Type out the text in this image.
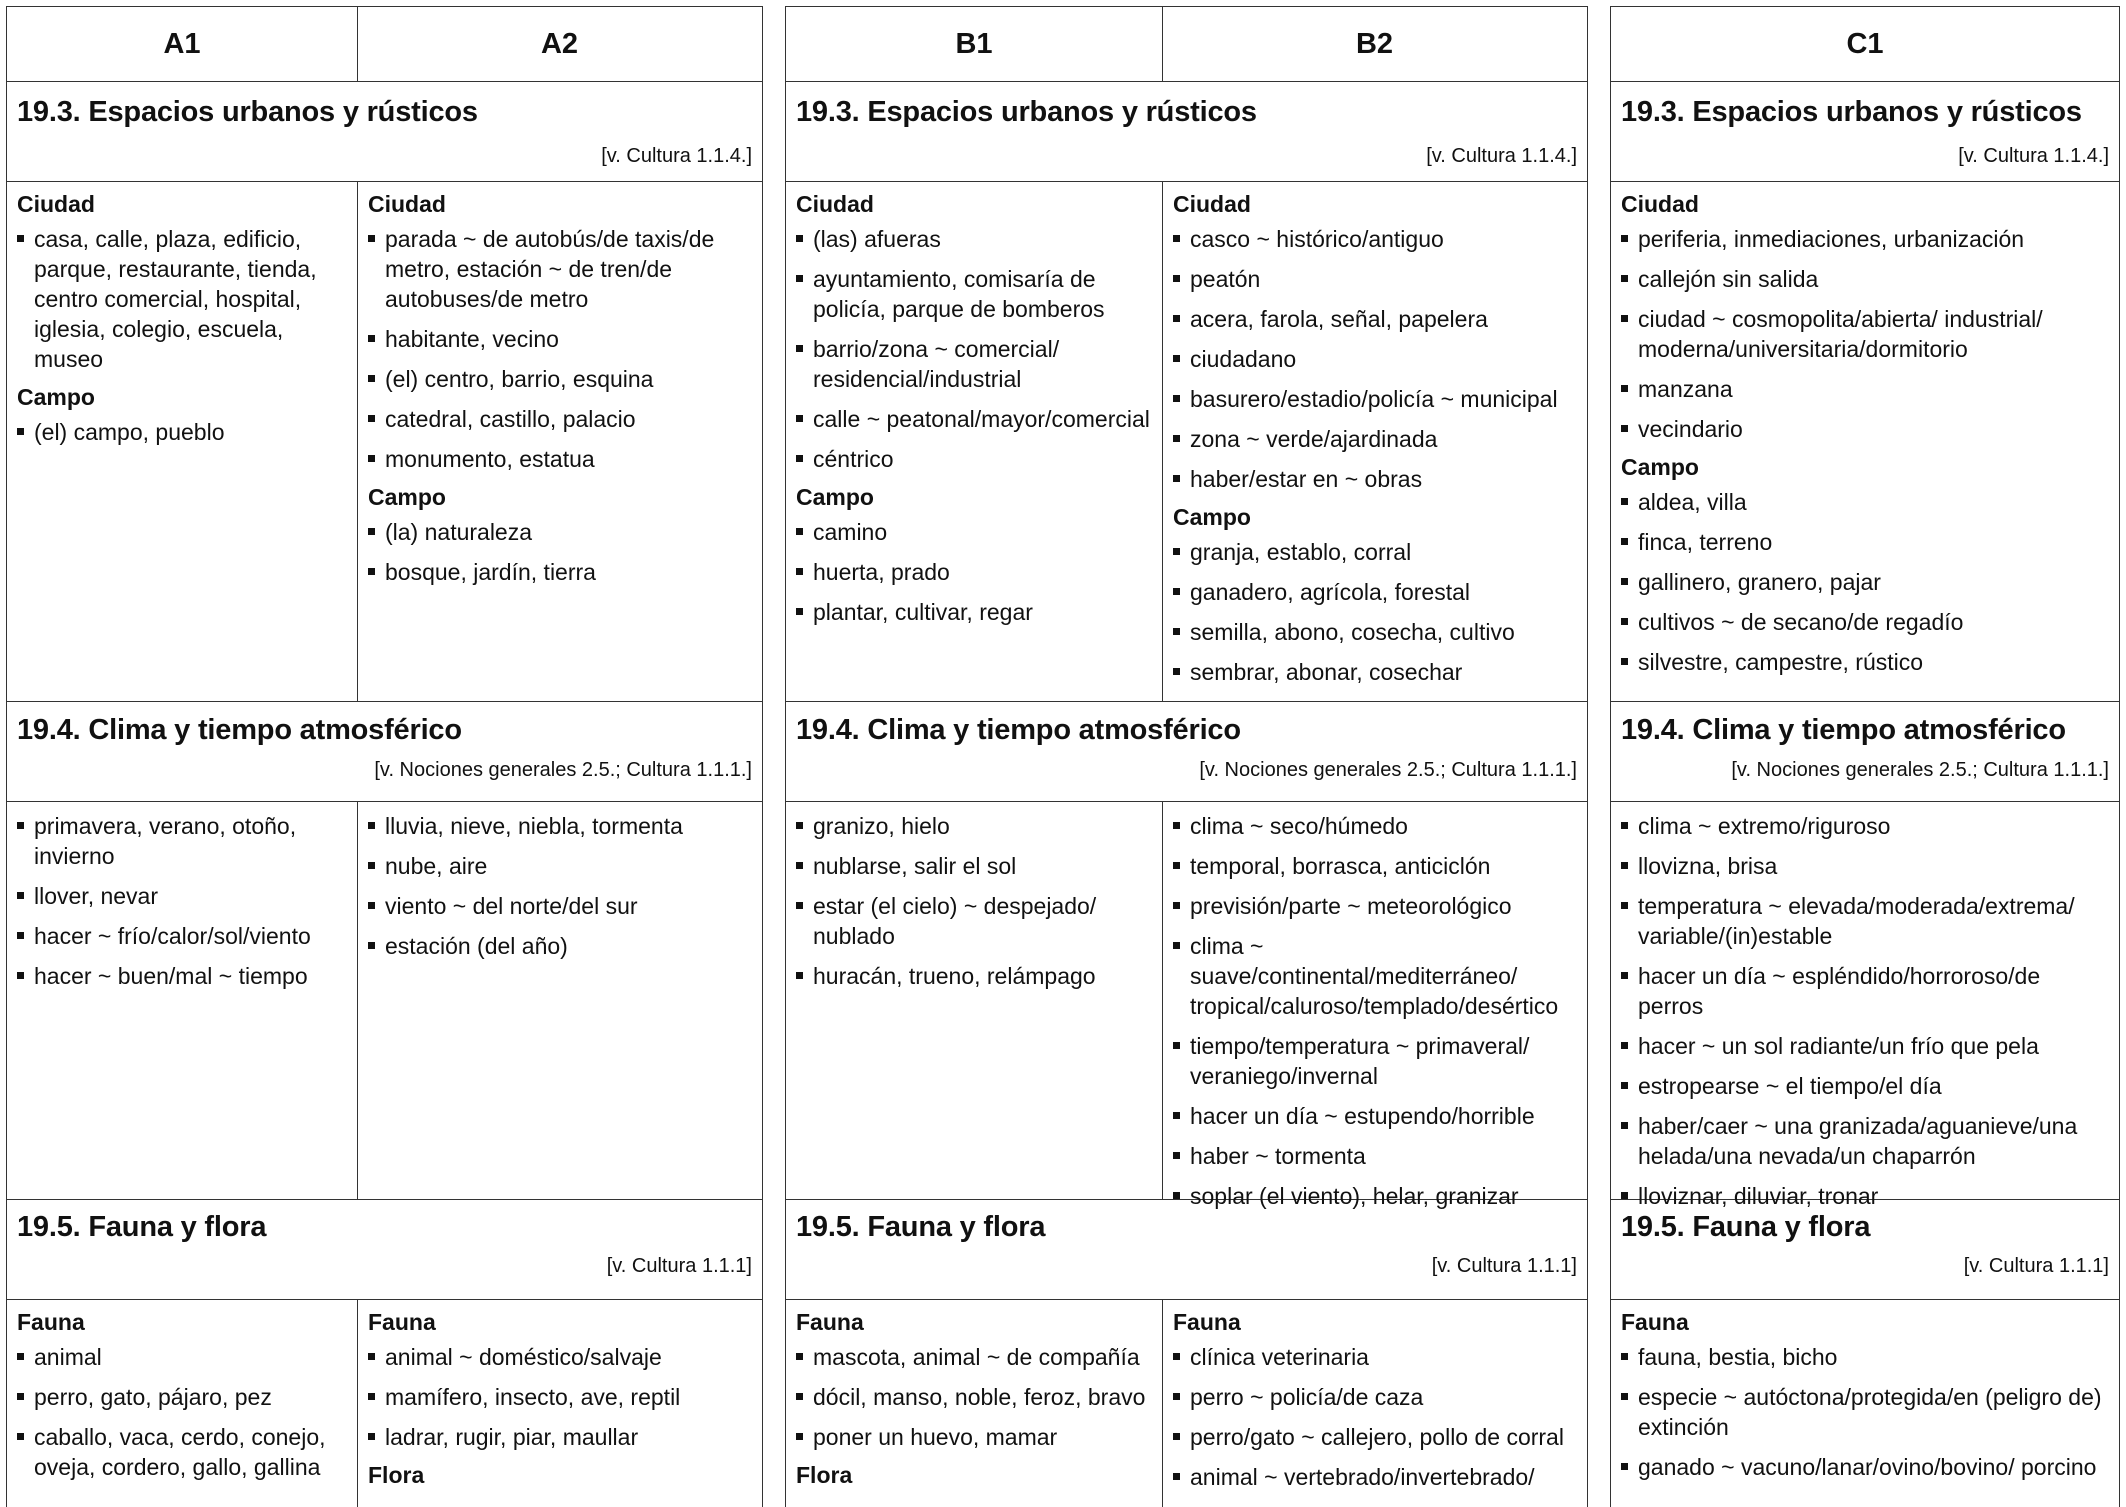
A1	A2
19.3. Espacios urbanos y rústicos
[v. Cultura 1.1.4.]
Ciudad
casa, calle, plaza, edificio, parque, restaurante, tienda, centro comercial, hospital, iglesia, colegio, escuela, museo
Campo
(el) campo, pueblo
Ciudad
parada ~ de autobús/de taxis/de metro, estación ~ de tren/de autobuses/de metro
habitante, vecino
(el) centro, barrio, esquina
catedral, castillo, palacio
monumento, estatua
Campo
(la) naturaleza
bosque, jardín, tierra
19.4. Clima y tiempo atmosférico
[v. Nociones generales 2.5.; Cultura 1.1.1.]
primavera, verano, otoño, invierno
llover, nevar
hacer ~ frío/calor/sol/viento
hacer ~ buen/mal ~ tiempo
lluvia, nieve, niebla, tormenta
nube, aire
viento ~ del norte/del sur
estación (del año)
19.5. Fauna y flora
[v. Cultura 1.1.1]
Fauna
animal
perro, gato, pájaro, pez
caballo, vaca, cerdo, conejo, oveja, cordero, gallo, gallina
Fauna
animal ~ doméstico/salvaje
mamífero, insecto, ave, reptil
ladrar, rugir, piar, maullar
Flora
B1	B2
19.3. Espacios urbanos y rústicos
[v. Cultura 1.1.4.]
Ciudad
(las) afueras
ayuntamiento, comisaría de policía, parque de bomberos
barrio/zona ~ comercial/ residencial/industrial
calle ~ peatonal/mayor/comercial
céntrico
Campo
camino
huerta, prado
plantar, cultivar, regar
Ciudad
casco ~ histórico/antiguo
peatón
acera, farola, señal, papelera
ciudadano
basurero/estadio/policía ~ municipal
zona ~ verde/ajardinada
haber/estar en ~ obras
Campo
granja, establo, corral
ganadero, agrícola, forestal
semilla, abono, cosecha, cultivo
sembrar, abonar, cosechar
19.4. Clima y tiempo atmosférico
[v. Nociones generales 2.5.; Cultura 1.1.1.]
granizo, hielo
nublarse, salir el sol
estar (el cielo) ~ despejado/ nublado
huracán, trueno, relámpago
clima ~ seco/húmedo
temporal, borrasca, anticiclón
previsión/parte ~ meteorológico
clima ~ suave/continental/mediterráneo/ tropical/caluroso/templado/desértico
tiempo/temperatura ~ primaveral/ veraniego/invernal
hacer un día ~ estupendo/horrible
haber ~ tormenta
soplar (el viento), helar, granizar
19.5. Fauna y flora
[v. Cultura 1.1.1]
Fauna
mascota, animal ~ de compañía
dócil, manso, noble, feroz, bravo
poner un huevo, mamar
Flora
Fauna
clínica veterinaria
perro ~ policía/de caza
perro/gato ~ callejero, pollo de corral
animal ~ vertebrado/invertebrado/
C1
19.3. Espacios urbanos y rústicos
[v. Cultura 1.1.4.]
Ciudad
periferia, inmediaciones, urbanización
callejón sin salida
ciudad ~ cosmopolita/abierta/ industrial/ moderna/universitaria/dormitorio
manzana
vecindario
Campo
aldea, villa
finca, terreno
gallinero, granero, pajar
cultivos ~ de secano/de regadío
silvestre, campestre, rústico
19.4. Clima y tiempo atmosférico
[v. Nociones generales 2.5.; Cultura 1.1.1.]
clima ~ extremo/riguroso
llovizna, brisa
temperatura ~ elevada/moderada/extrema/ variable/(in)estable
hacer un día ~ espléndido/horroroso/de perros
hacer ~ un sol radiante/un frío que pela
estropearse ~ el tiempo/el día
haber/caer ~ una granizada/aguanieve/una helada/una nevada/un chaparrón
lloviznar, diluviar, tronar
19.5. Fauna y flora
[v. Cultura 1.1.1]
Fauna
fauna, bestia, bicho
especie ~ autóctona/protegida/en (peligro de) extinción
ganado ~ vacuno/lanar/ovino/bovino/ porcino
